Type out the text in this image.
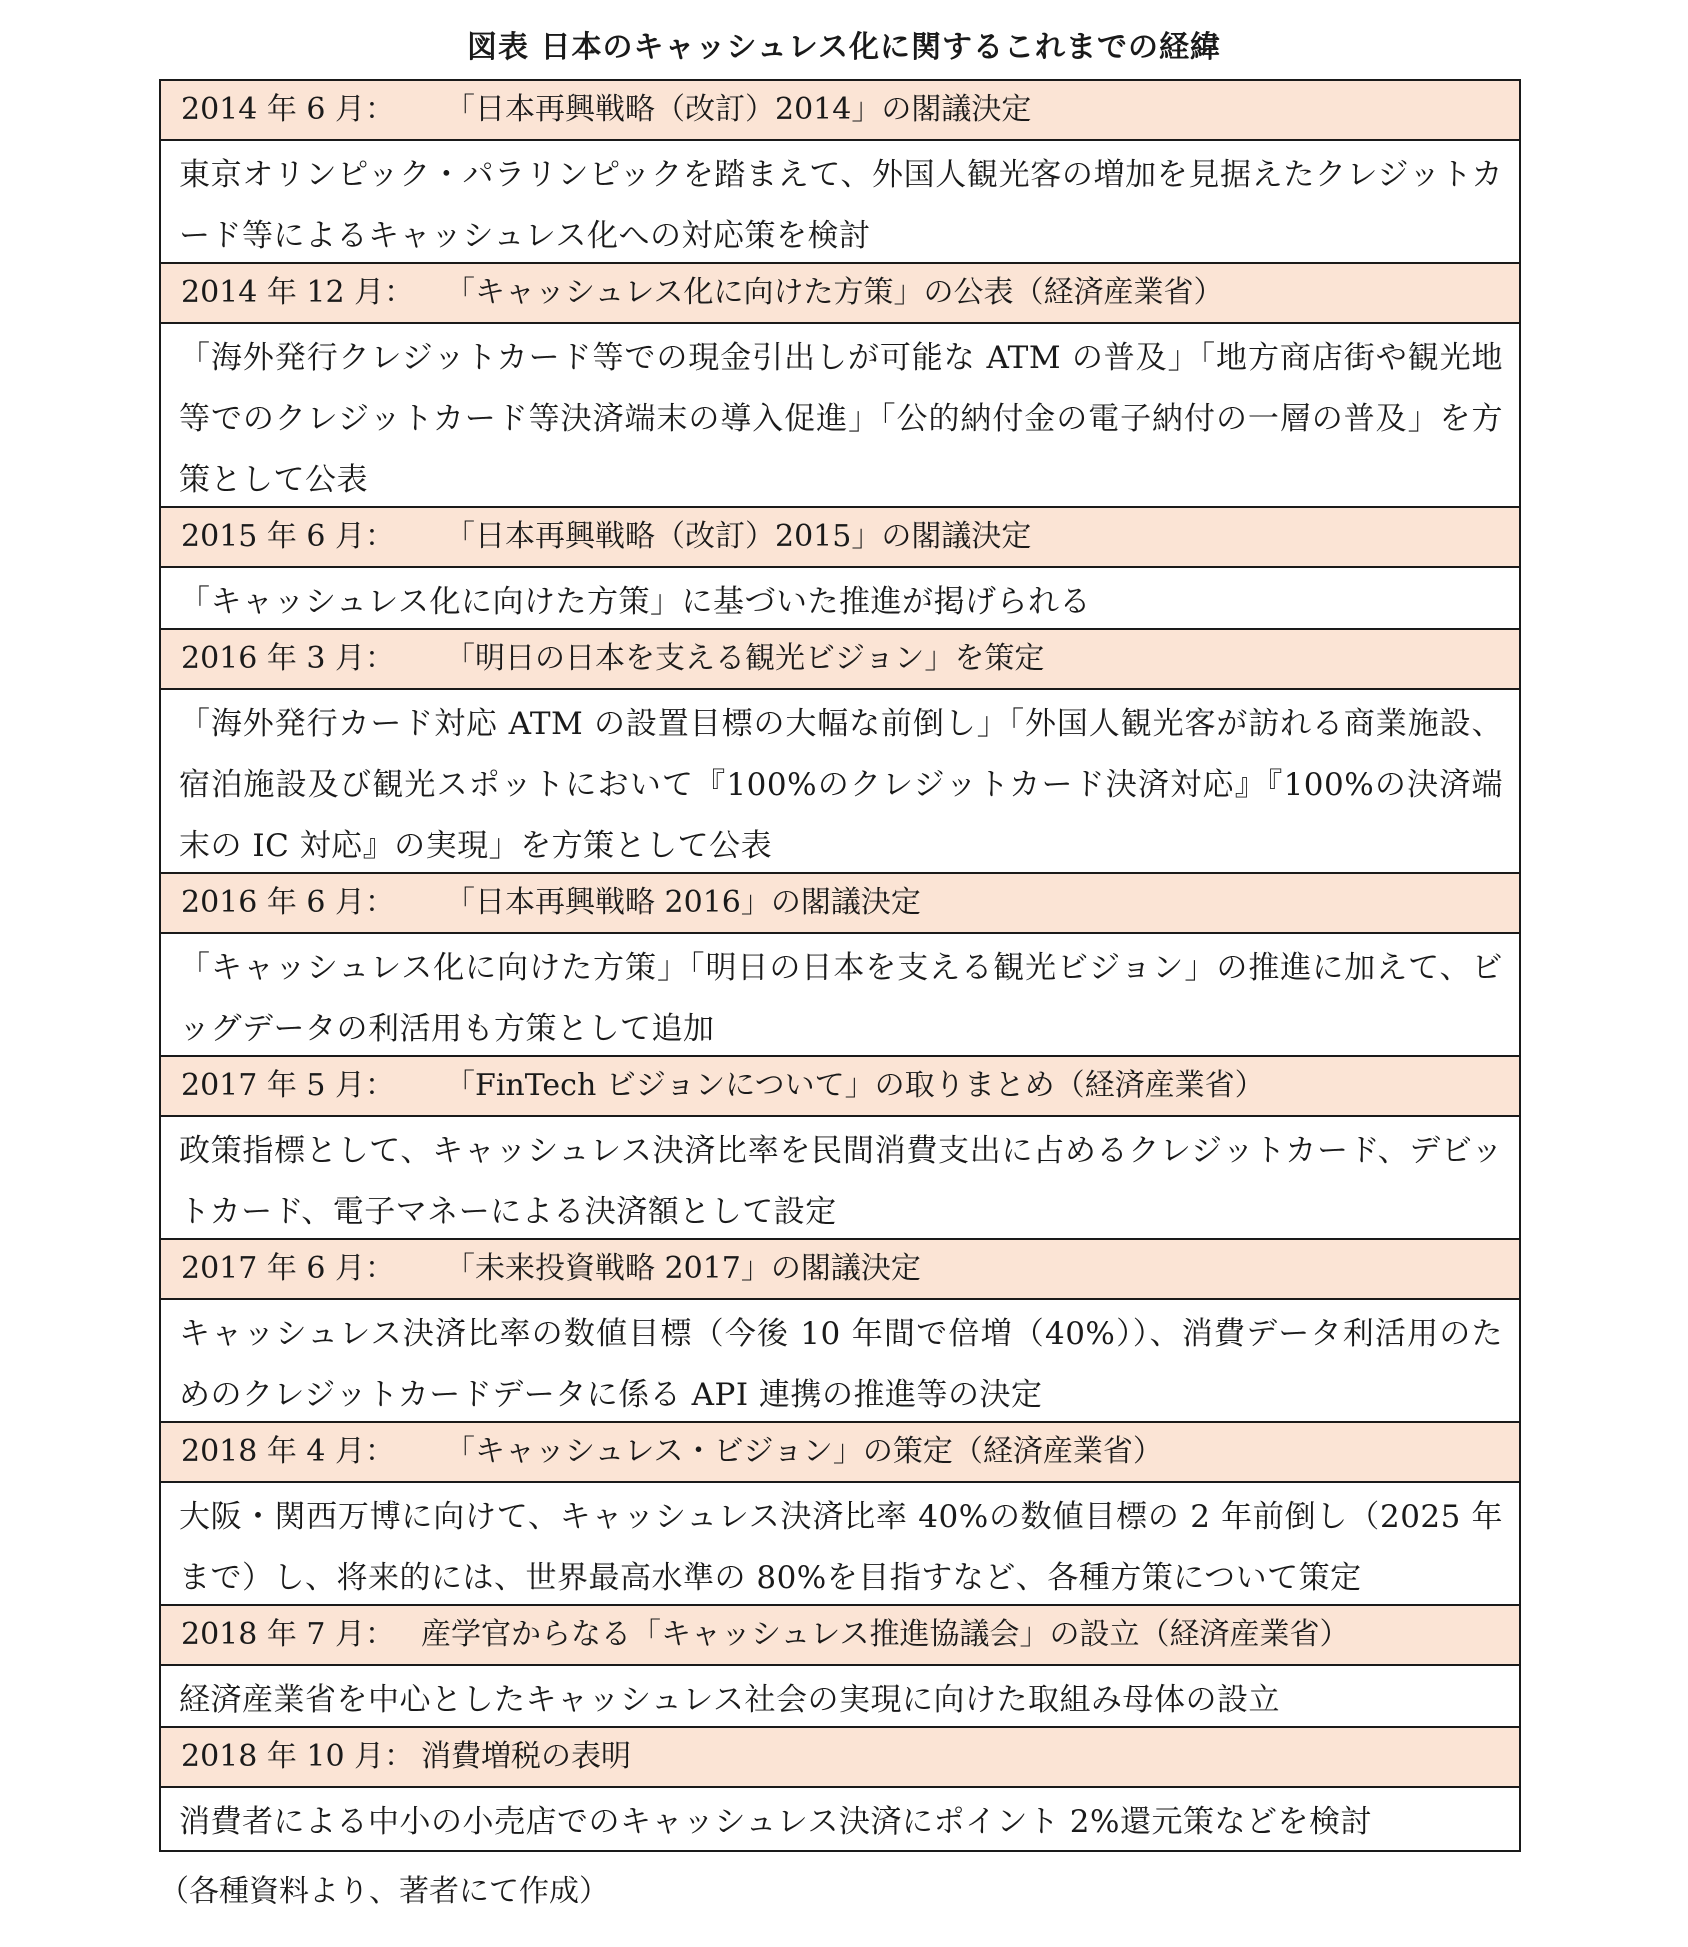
図表 日本のキャッシュレス化に関するこれまでの経緯
2014 年 6 月：	「日本再興戦略（改訂）2014」の閣議決定
東京オリンピック・パラリンピックを踏まえて、外国人観光客の増加を見据えたクレジットカード等によるキャッシュレス化への対応策を検討
2014 年 12 月：	「キャッシュレス化に向けた方策」の公表（経済産業省）
「海外発行クレジットカード等での現金引出しが可能な ATM の普及」「地方商店街や観光地等でのクレジットカード等決済端末の導入促進」「公的納付金の電子納付の一層の普及」を方策として公表
2015 年 6 月：	「日本再興戦略（改訂）2015」の閣議決定
「キャッシュレス化に向けた方策」に基づいた推進が掲げられる
2016 年 3 月：	「明日の日本を支える観光ビジョン」を策定
「海外発行カード対応 ATM の設置目標の大幅な前倒し」「外国人観光客が訪れる商業施設、宿泊施設及び観光スポットにおいて『100%のクレジットカード決済対応』『100%の決済端末の IC 対応』の実現」を方策として公表
2016 年 6 月：	「日本再興戦略 2016」の閣議決定
「キャッシュレス化に向けた方策」「明日の日本を支える観光ビジョン」の推進に加えて、ビッグデータの利活用も方策として追加
2017 年 5 月：	「FinTech ビジョンについて」の取りまとめ（経済産業省）
政策指標として、キャッシュレス決済比率を民間消費支出に占めるクレジットカード、デビットカード、電子マネーによる決済額として設定
2017 年 6 月：	「未来投資戦略 2017」の閣議決定
キャッシュレス決済比率の数値目標（今後 10 年間で倍増（40%））、消費データ利活用のためのクレジットカードデータに係る API 連携の推進等の決定
2018 年 4 月：	「キャッシュレス・ビジョン」の策定（経済産業省）
大阪・関西万博に向けて、キャッシュレス決済比率 40%の数値目標の 2 年前倒し（2025 年まで）し、将来的には、世界最高水準の 80%を目指すなど、各種方策について策定
2018 年 7 月： 産学官からなる「キャッシュレス推進協議会」の設立（経済産業省）
経済産業省を中心としたキャッシュレス社会の実現に向けた取組み母体の設立
2018 年 10 月： 消費増税の表明
消費者による中小の小売店でのキャッシュレス決済にポイント 2%還元策などを検討
（各種資料より、著者にて作成）
